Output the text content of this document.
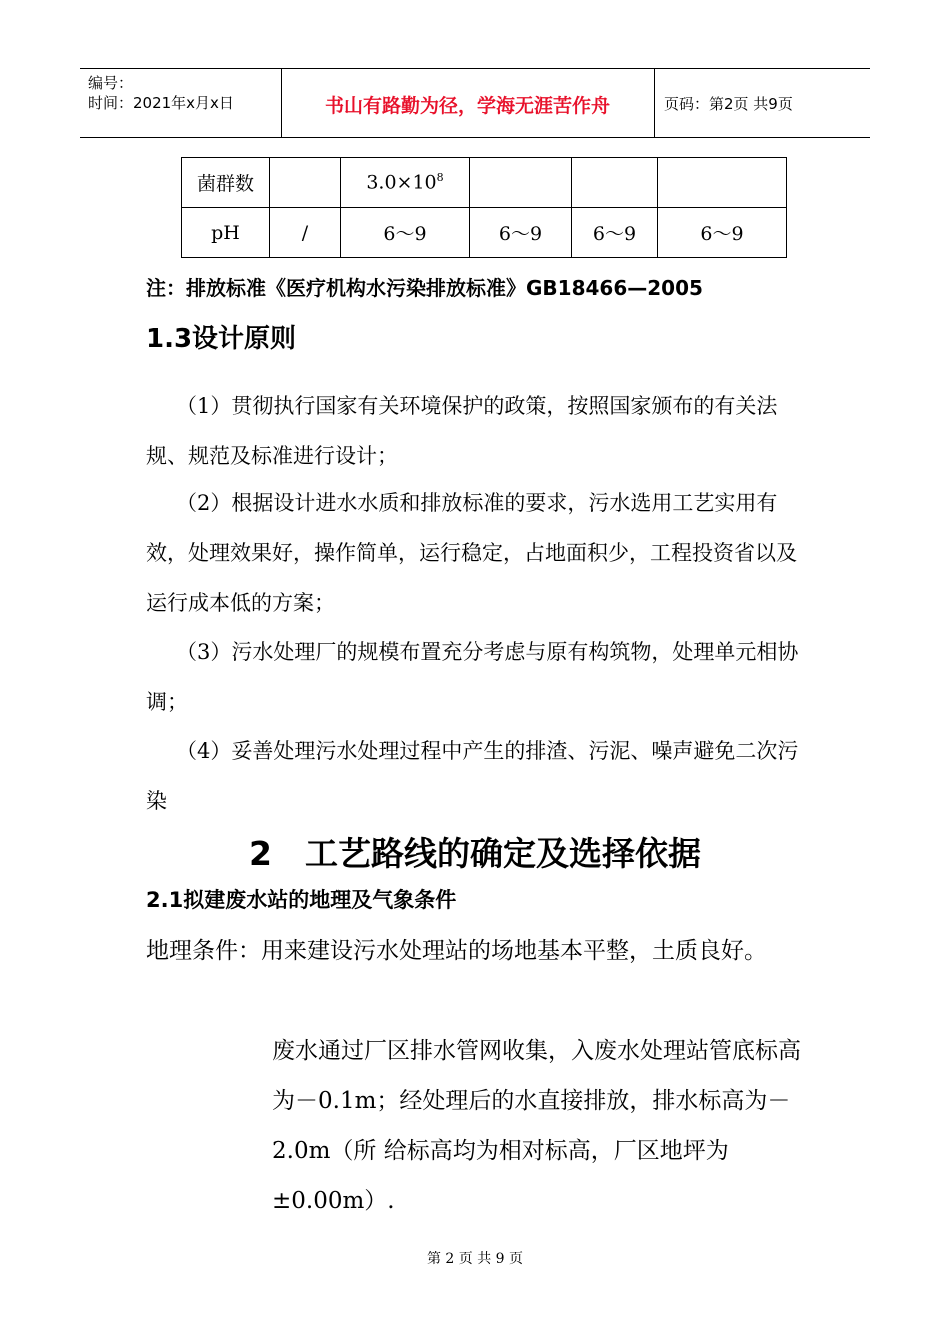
编号：
时间：2021年x月x日	书山有路勤为径，学海无涯苦作舟	页码：第2页 共9页
菌群数		$3.0\times 10^8$			
pH	/	6～9	6～9	6～9	6～9
注：排放标准《医疗机构水污染排放标准》GB18466—2005
1.3设计原则
（1）贯彻执行国家有关环境保护的政策，按照国家颁布的有关法规、规范及标准进行设计；
（2）根据设计进水水质和排放标准的要求，污水选用工艺实用有效，处理效果好，操作简单，运行稳定，占地面积少，工程投资省以及运行成本低的方案；
（3）污水处理厂的规模布置充分考虑与原有构筑物，处理单元相协调；
（4）妥善处理污水处理过程中产生的排渣、污泥、噪声避免二次污染
2　工艺路线的确定及选择依据
2.1拟建废水站的地理及气象条件
地理条件：用来建设污水处理站的场地基本平整，土质良好。
废水通过厂区排水管网收集，入废水处理站管底标高为－0.1m；经处理后的水直接排放，排水标高为－2.0m（所 给标高均为相对标高，厂区地坪为±0.00m）.
第 2 页 共 9 页
